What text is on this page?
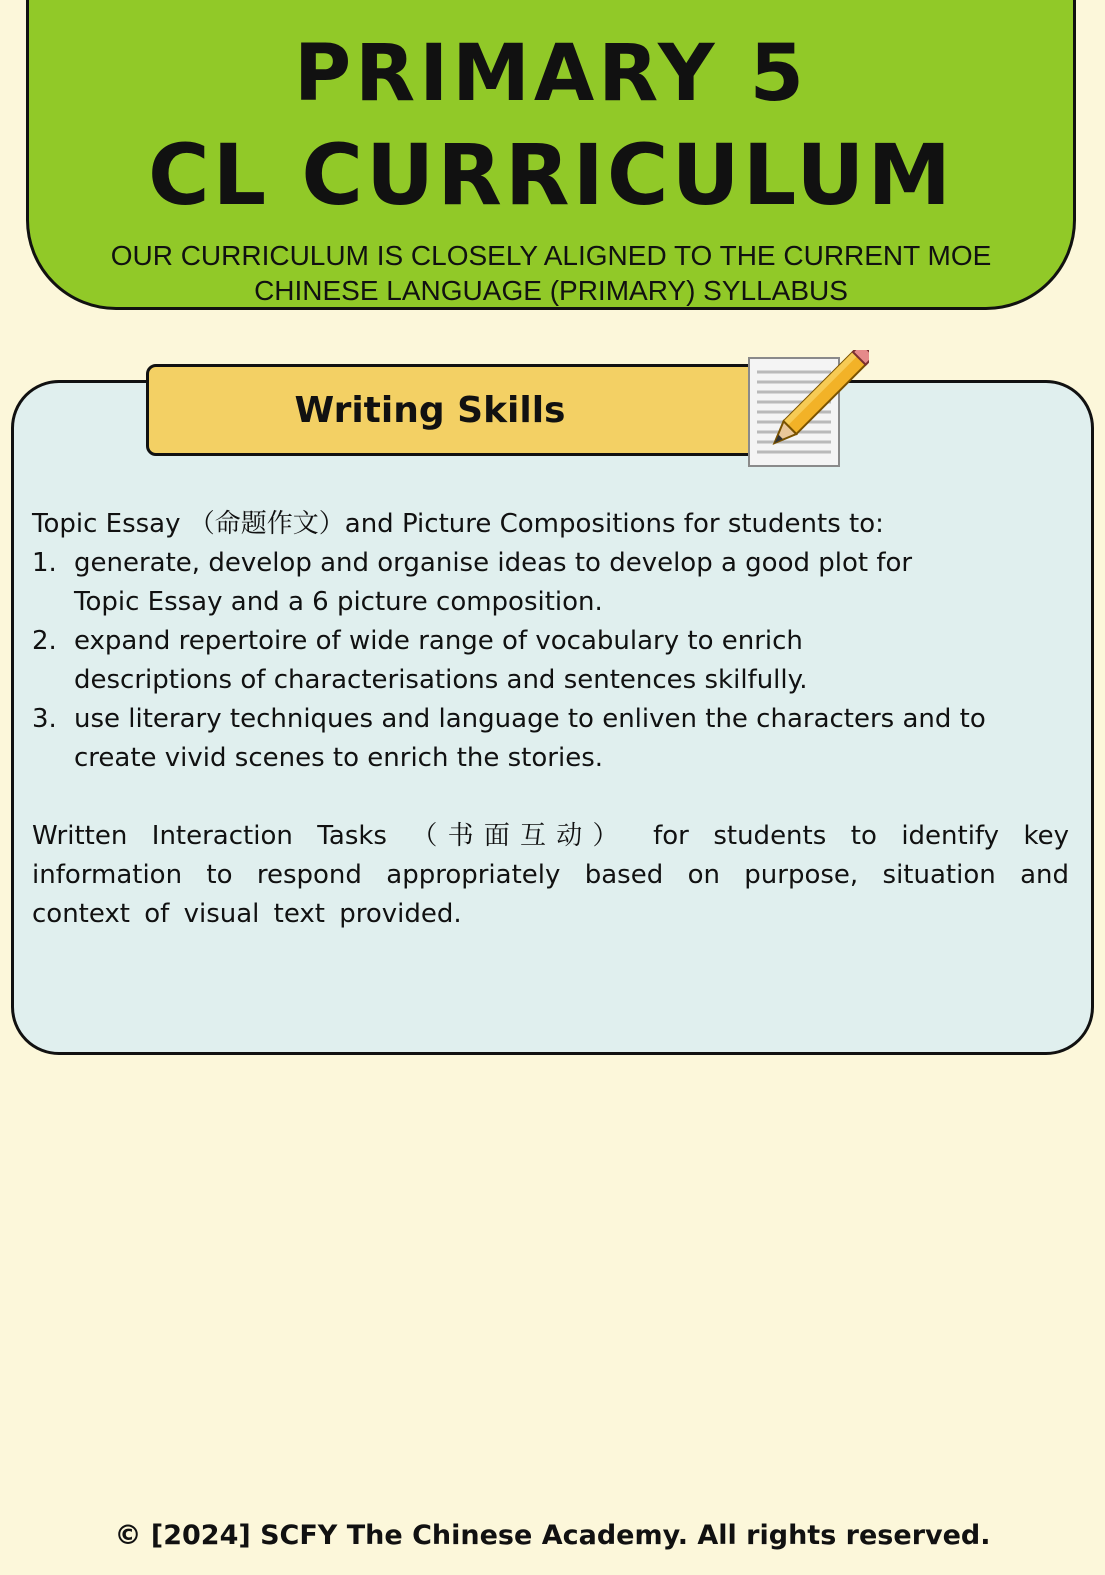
PRIMARY 5
CL CURRICULUM
OUR CURRICULUM IS CLOSELY ALIGNED TO THE CURRENT MOE CHINESE LANGUAGE (PRIMARY) SYLLABUS
Writing Skills

Topic Essay （命题作文）and Picture Compositions for students to:

1. generate, develop and organise ideas to develop a good plot for Topic Essay and a 6 picture composition.
2. expand repertoire of wide range of vocabulary to enrich descriptions of characterisations and sentences skilfully.
3. use literary techniques and language to enliven the characters and to create vivid scenes to enrich the stories.

Written Interaction Tasks （书面互动） for students to identify key information to respond appropriately based on purpose, situation and context of visual text provided.

© [2024] SCFY The Chinese Academy. All rights reserved.
